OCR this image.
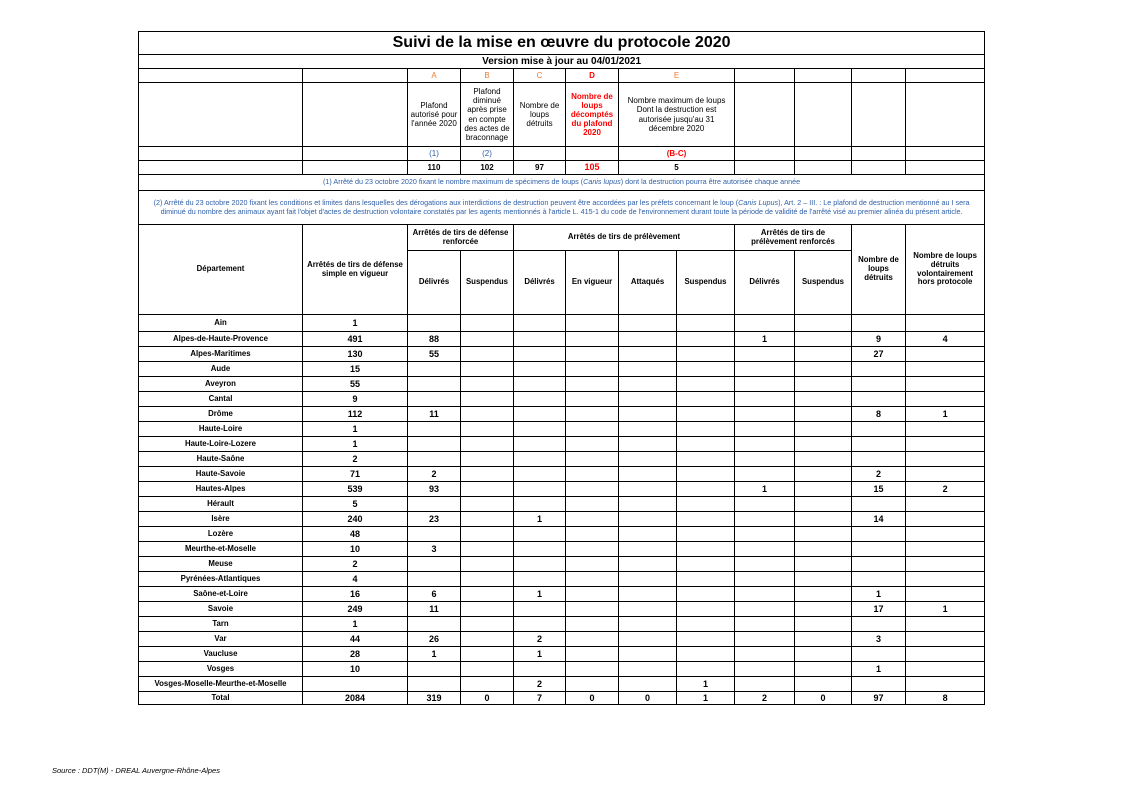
Suivi de la mise en œuvre du protocole 2020											
Version mise à jour au 04/01/2021											
		A	B	C	D	E					
		Plafond autorisé pour l'année 2020	Plafond diminué après prise en compte des actes de braconnage	Nombre de loups détruits	Nombre de loups décomptés du plafond 2020	Nombre maximum de loups Dont la destruction est autorisée jusqu'au 31 décembre 2020					
		(1)	(2)			(B-C)					
		110	102	97	105	5					
(1) Arrêté du 23 octobre 2020 fixant le nombre maximum de spécimens de loups (Canis lupus) dont la destruction pourra être autorisée chaque année											
(2) Arrêté du 23 octobre 2020 fixant les conditions et limites dans lesquelles des dérogations aux interdictions de destruction peuvent être accordées par les préfets concernant le loup (Canis Lupus), Art. 2 – III. : Le plafond de destruction mentionné au I sera diminué du nombre des animaux ayant fait l'objet d'actes de destruction volontaire constatés par les agents mentionnés à l'article L. 415-1 du code de l'environnement durant toute la période de validité de l'arrêté visé au premier alinéa du présent article.											
Département	Arrêtés de tirs de défense simple en vigueur	Arrêtés de tirs de défense renforcée		Arrêtés de tirs de prélèvement				Arrêtés de tirs de prélèvement renforcés		Nombre de loups détruits	Nombre de loups détruits volontairement hors protocole
		Délivrés	Suspendus	Délivrés	En vigueur	Attaqués	Suspendus	Délivrés	Suspendus		
Ain	1										
Alpes-de-Haute-Provence	491	88						1		9	4
Alpes-Maritimes	130	55								27	
Aude	15										
Aveyron	55										
Cantal	9										
Drôme	112	11								8	1
Haute-Loire	1										
Haute-Loire-Lozere	1										
Haute-Saône	2										
Haute-Savoie	71	2								2	
Hautes-Alpes	539	93						1		15	2
Hérault	5										
Isère	240	23		1						14	
Lozère	48										
Meurthe-et-Moselle	10	3									
Meuse	2										
Pyrénées-Atlantiques	4										
Saône-et-Loire	16	6		1						1	
Savoie	249	11								17	1
Tarn	1										
Var	44	26		2						3	
Vaucluse	28	1		1							
Vosges	10									1	
Vosges-Moselle-Meurthe-et-Moselle				2			1				
Total	2084	319	0	7	0	0	1	2	0	97	8
Source : DDT(M) - DREAL Auvergne-Rhône-Alpes
